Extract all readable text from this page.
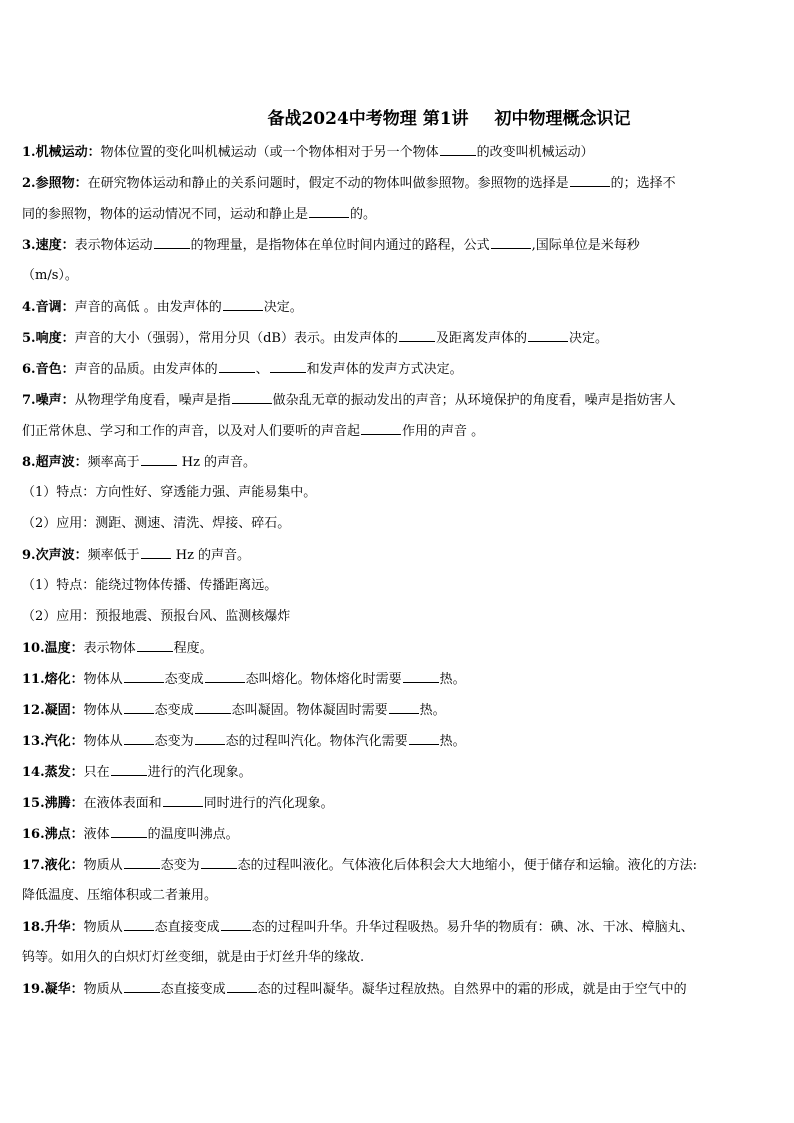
备战2024中考物理 第1讲 初中物理概念识记
1.机械运动：物体位置的变化叫机械运动（或一个物体相对于另一个物体	的改变叫机械运动）
2.参照物：在研究物体运动和静止的关系问题时，假定不动的物体叫做参照物。参照物的选择是	的；选择不
同的参照物，物体的运动情况不同，运动和静止是	的。
3.速度：表示物体运动	的物理量，是指物体在单位时间内通过的路程，公式	,国际单位是米每秒
（m/s）。
4.音调：声音的高低 。由发声体的	决定。
5.响度：声音的大小（强弱），常用分贝（dB）表示。由发声体的	及距离发声体的	决定。
6.音色：声音的品质。由发声体的	、	和发声体的发声方式决定。
7.噪声：从物理学角度看，噪声是指	做杂乱无章的振动发出的声音；从环境保护的角度看，噪声是指妨害人
们正常休息、学习和工作的声音，以及对人们要听的声音起	作用的声音 。
8.超声波：频率高于	Hz 的声音。
（1）特点：方向性好、穿透能力强、声能易集中。
（2）应用：测距、测速、清洗、焊接、碎石。
9.次声波：频率低于 Hz 的声音。
（1）特点：能绕过物体传播、传播距离远。
（2）应用：预报地震、预报台风、监测核爆炸
10.温度：表示物体	程度。
11.熔化：物体从	态变成	态叫熔化。物体熔化时需要	热。
12.凝固：物体从 态变成	态叫凝固。物体凝固时需要 热。
13.汽化：物体从 态变为 态的过程叫汽化。物体汽化需要 热。
14.蒸发：只在	进行的汽化现象。
15.沸腾：在液体表面和	同时进行的汽化现象。
16.沸点：液体	的温度叫沸点。
17.液化：物质从	态变为	态的过程叫液化。气体液化后体积会大大地缩小，便于储存和运输。液化的方法:
降低温度、压缩体积或二者兼用。
18.升华：物质从 态直接变成 态的过程叫升华。升华过程吸热。易升华的物质有：碘、冰、干冰、樟脑丸、
钨等。如用久的白炽灯灯丝变细，就是由于灯丝升华的缘故.
19.凝华：物质从	态直接变成 态的过程叫凝华。凝华过程放热。自然界中的霜的形成，就是由于空气中的
